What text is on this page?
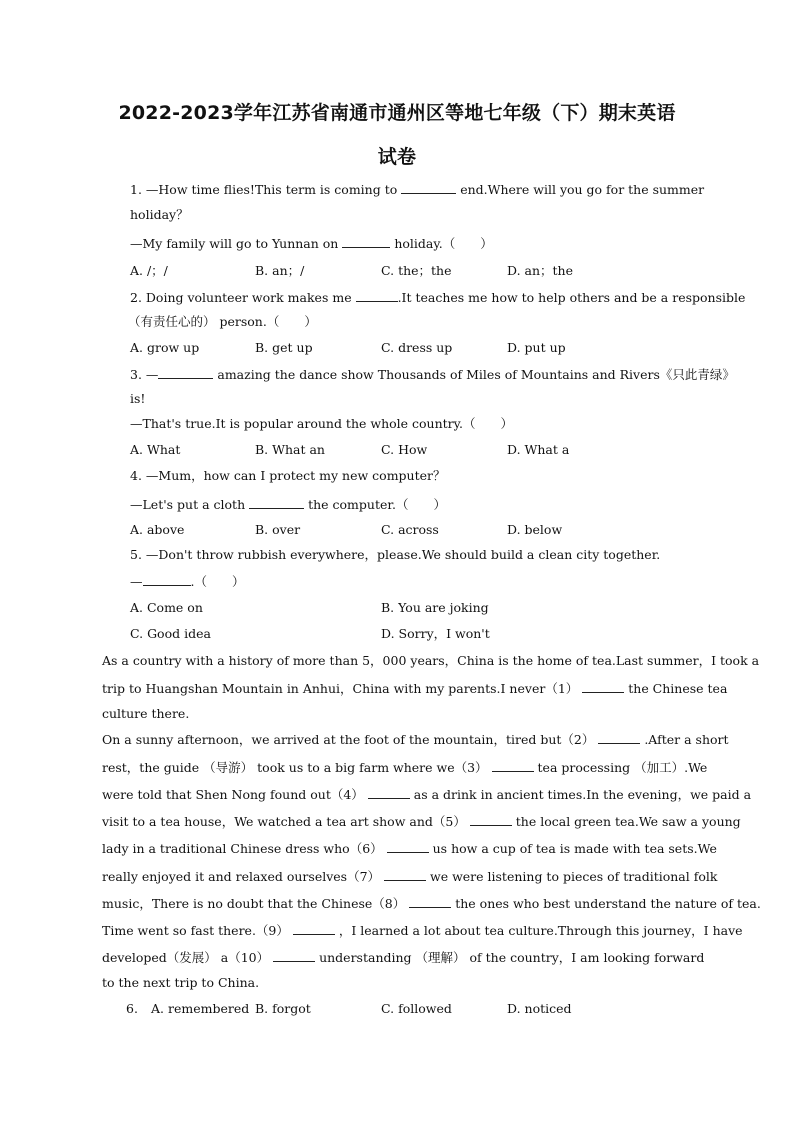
2022-2023学年江苏省南通市通州区等地七年级（下）期末英语
试卷
1. —How time flies!This term is coming to	end.Where will you go for the summer
holiday？
—My family will go to Yunnan on	holiday.（　　）
A. /；/	B. an；/	C. the；the	D. an；the
2. Doing volunteer work makes me	.It teaches me how to help others and be a responsible
（有责任心的） person.（　　）
A. grow up	B. get up	C. dress up	D. put up
3. —	amazing the dance show Thousands of Miles of Mountains and Rivers《只此青绿》
is!
—That's true.It is popular around the whole country.（　　）
A. What	B. What an	C. How	D. What a
4. —Mum，how can I protect my new computer？
—Let's put a cloth	the computer.（　　）
A. above	B. over	C. across	D. below
5. —Don't throw rubbish everywhere，please.We should build a clean city together.
—	.（　　）
A. Come on	B. You are joking
C. Good idea	D. Sorry，I won't
As a country with a history of more than 5，000 years，China is the home of tea.Last summer，I took a
trip to Huangshan Mountain in Anhui，China with my parents.I never（1）	the Chinese tea
culture there.
On a sunny afternoon，we arrived at the foot of the mountain，tired but（2）	.After a short
rest，the guide （导游） took us to a big farm where we（3）	tea processing （加工）.We
were told that Shen Nong found out（4）	as a drink in ancient times.In the evening，we paid a
visit to a tea house，We watched a tea art show and（5）	the local green tea.We saw a young
lady in a traditional Chinese dress who（6）	us how a cup of tea is made with tea sets.We
really enjoyed it and relaxed ourselves（7）	we were listening to pieces of traditional folk
music，There is no doubt that the Chinese（8）	the ones who best understand the nature of tea.
Time went so fast there.（9）	，I learned a lot about tea culture.Through this journey，I have
developed（发展） a（10）	understanding （理解） of the country，I am looking forward
to the next trip to China.
6. A. remembered B. forgot	C. followed	D. noticed
